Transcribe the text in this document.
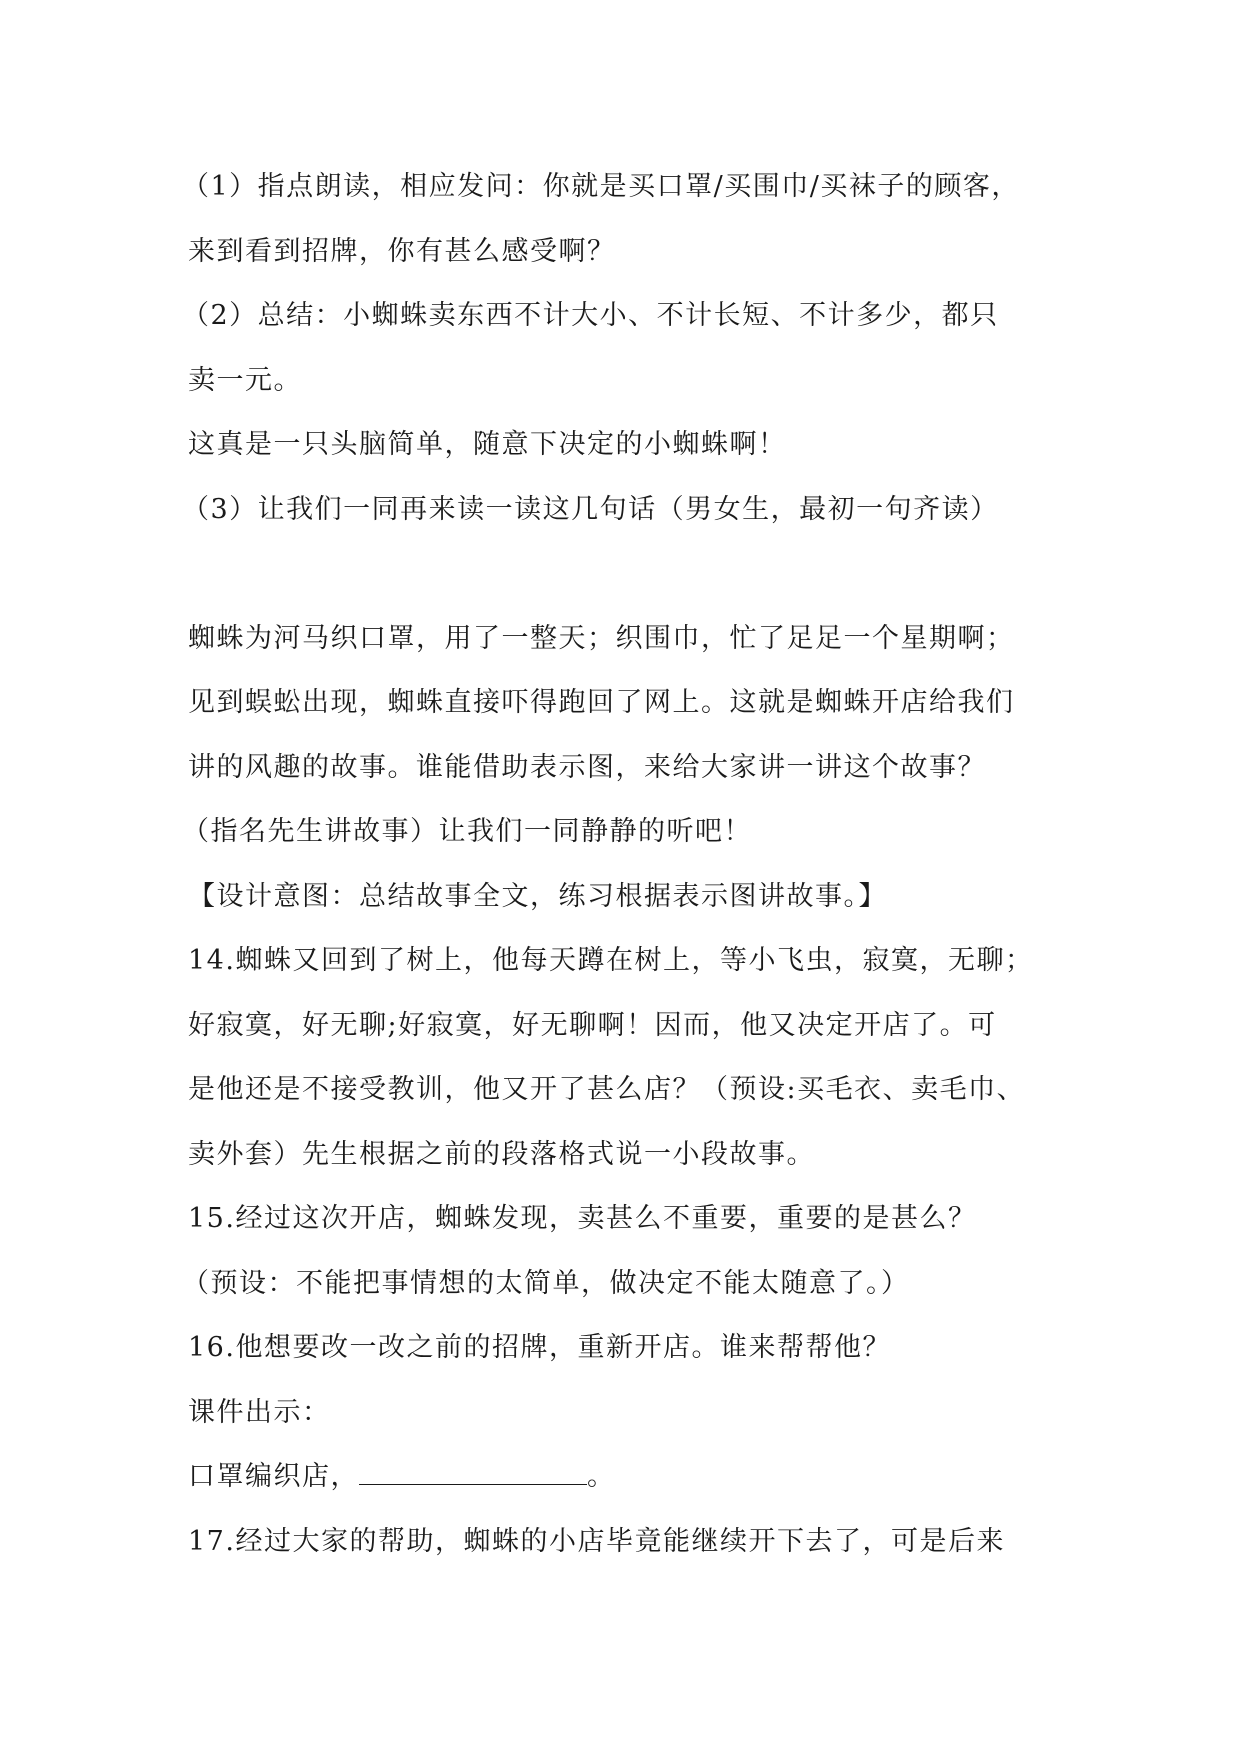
（1）指点朗读，相应发问：你就是买口罩/买围巾/买袜子的顾客，
来到看到招牌，你有甚么感受啊？
（2）总结：小蜘蛛卖东西不计大小、不计长短、不计多少，都只
卖一元。
这真是一只头脑简单，随意下决定的小蜘蛛啊！
（3）让我们一同再来读一读这几句话（男女生，最初一句齐读）
蜘蛛为河马织口罩，用了一整天；织围巾，忙了足足一个星期啊；
见到蜈蚣出现，蜘蛛直接吓得跑回了网上。这就是蜘蛛开店给我们
讲的风趣的故事。谁能借助表示图，来给大家讲一讲这个故事？
（指名先生讲故事）让我们一同静静的听吧！
【设计意图：总结故事全文，练习根据表示图讲故事。】
14.蜘蛛又回到了树上，他每天蹲在树上，等小飞虫，寂寞，无聊；
好寂寞，好无聊;好寂寞，好无聊啊！因而，他又决定开店了。可
是他还是不接受教训，他又开了甚么店？（预设:买毛衣、卖毛巾、
卖外套）先生根据之前的段落格式说一小段故事。
15.经过这次开店，蜘蛛发现，卖甚么不重要，重要的是甚么？
（预设：不能把事情想的太简单，做决定不能太随意了。）
16.他想要改一改之前的招牌，重新开店。谁来帮帮他？
课件出示：
口罩编织店，	。
17.经过大家的帮助，蜘蛛的小店毕竟能继续开下去了，可是后来
